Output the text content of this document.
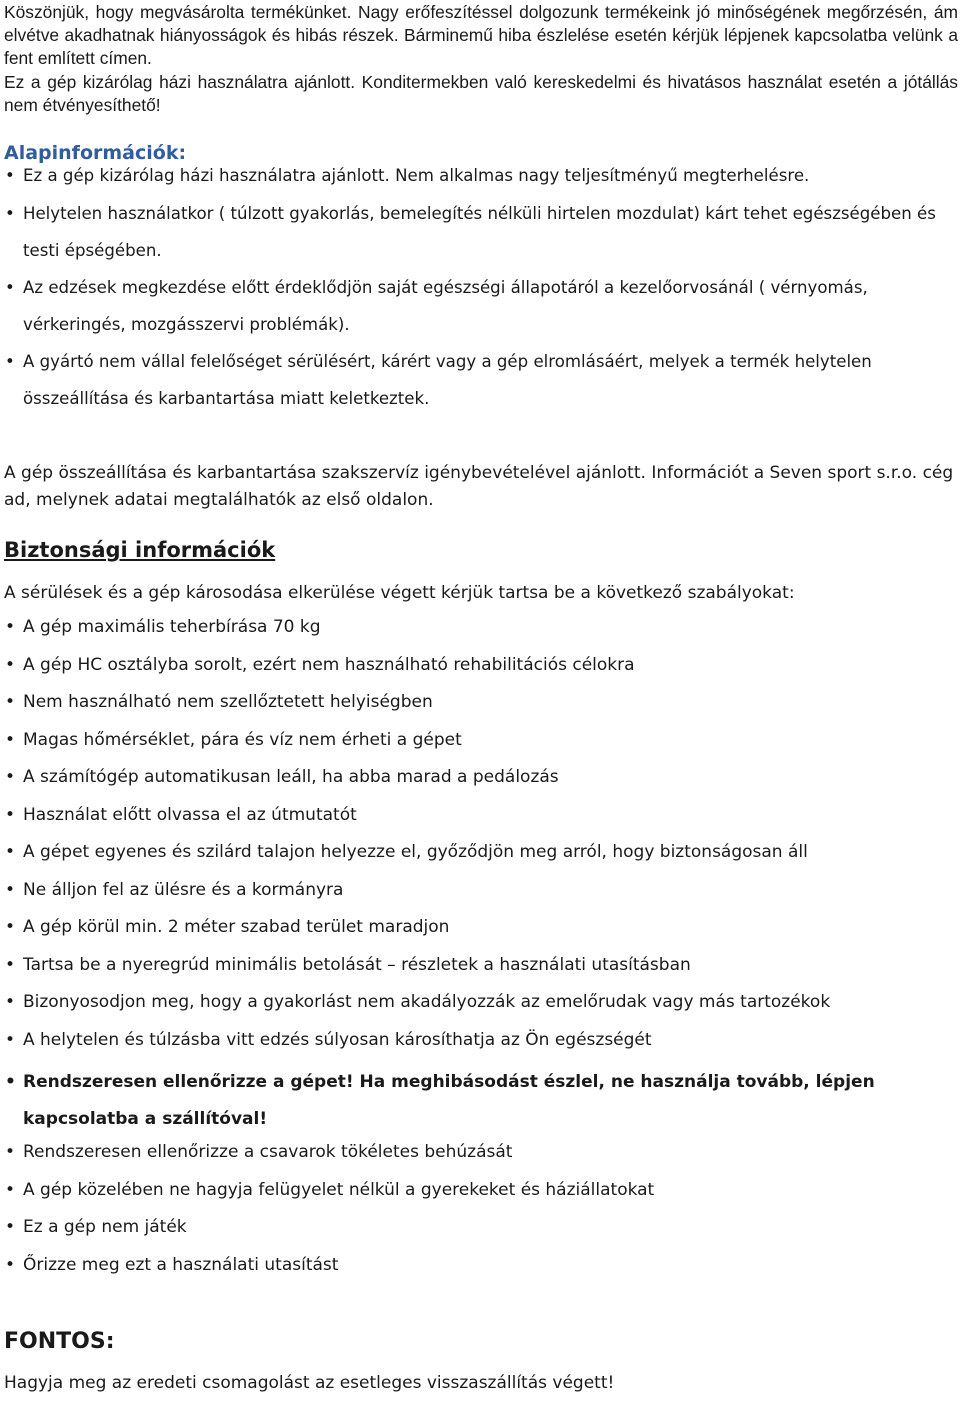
Köszönjük, hogy megvásárolta termékünket. Nagy erőfeszítéssel dolgozunk termékeink jó minőségének megőrzésén, ám elvétve akadhatnak hiányosságok és hibás részek. Bárminemű hiba észlelése esetén kérjük lépjenek kapcsolatba velünk a fent említett címen.

Ez a gép kizárólag házi használatra ajánlott. Konditermekben való kereskedelmi és hivatásos használat esetén a jótállás nem étvényesíthető!

Alapinformációk:
• Ez a gép kizárólag házi használatra ajánlott. Nem alkalmas nagy teljesítményű megterhelésre.
• Helytelen használatkor ( túlzott gyakorlás, bemelegítés nélküli hirtelen mozdulat) kárt tehet egészségében és testi épségében.
• Az edzések megkezdése előtt érdeklődjön saját egészségi állapotáról a kezelőorvosánál ( vérnyomás, vérkeringés, mozgásszervi problémák).
• A gyártó nem vállal felelőséget sérülésért, kárért vagy a gép elromlásáért, melyek a termék helytelen összeállítása és karbantartása miatt keletkeztek.

A gép összeállítása és karbantartása szakszervíz igénybevételével ajánlott. Információt a Seven sport s.r.o. cég ad, melynek adatai megtalálhatók az első oldalon.

Biztonsági információk

A sérülések és a gép károsodása elkerülése végett kérjük tartsa be a következő szabályokat:

• A gép maximális teherbírása 70 kg
• A gép HC osztályba sorolt, ezért nem használható rehabilitációs célokra
• Nem használható nem szellőztetett helyiségben
• Magas hőmérséklet, pára és víz nem érheti a gépet
• A számítógép automatikusan leáll, ha abba marad a pedálozás
• Használat előtt olvassa el az útmutatót
• A gépet egyenes és szilárd talajon helyezze el, győződjön meg arról, hogy biztonságosan áll
• Ne álljon fel az ülésre és a kormányra
• A gép körül min. 2 méter szabad terület maradjon
• Tartsa be a nyeregrúd minimális betolását – részletek a használati utasításban
• Bizonyosodjon meg, hogy a gyakorlást nem akadályozzák az emelőrudak vagy más tartozékok
• A helytelen és túlzásba vitt edzés súlyosan károsíthatja az Ön egészségét
• Rendszeresen ellenőrizze a gépet! Ha meghibásodást észlel, ne használja tovább, lépjen kapcsolatba a szállítóval!
• Rendszeresen ellenőrizze a csavarok tökéletes behúzását
• A gép közelében ne hagyja felügyelet nélkül a gyerekeket és háziállatokat
• Ez a gép nem játék
• Őrizze meg ezt a használati utasítást
FONTOS:

Hagyja meg az eredeti csomagolást az esetleges visszaszállítás végett!
